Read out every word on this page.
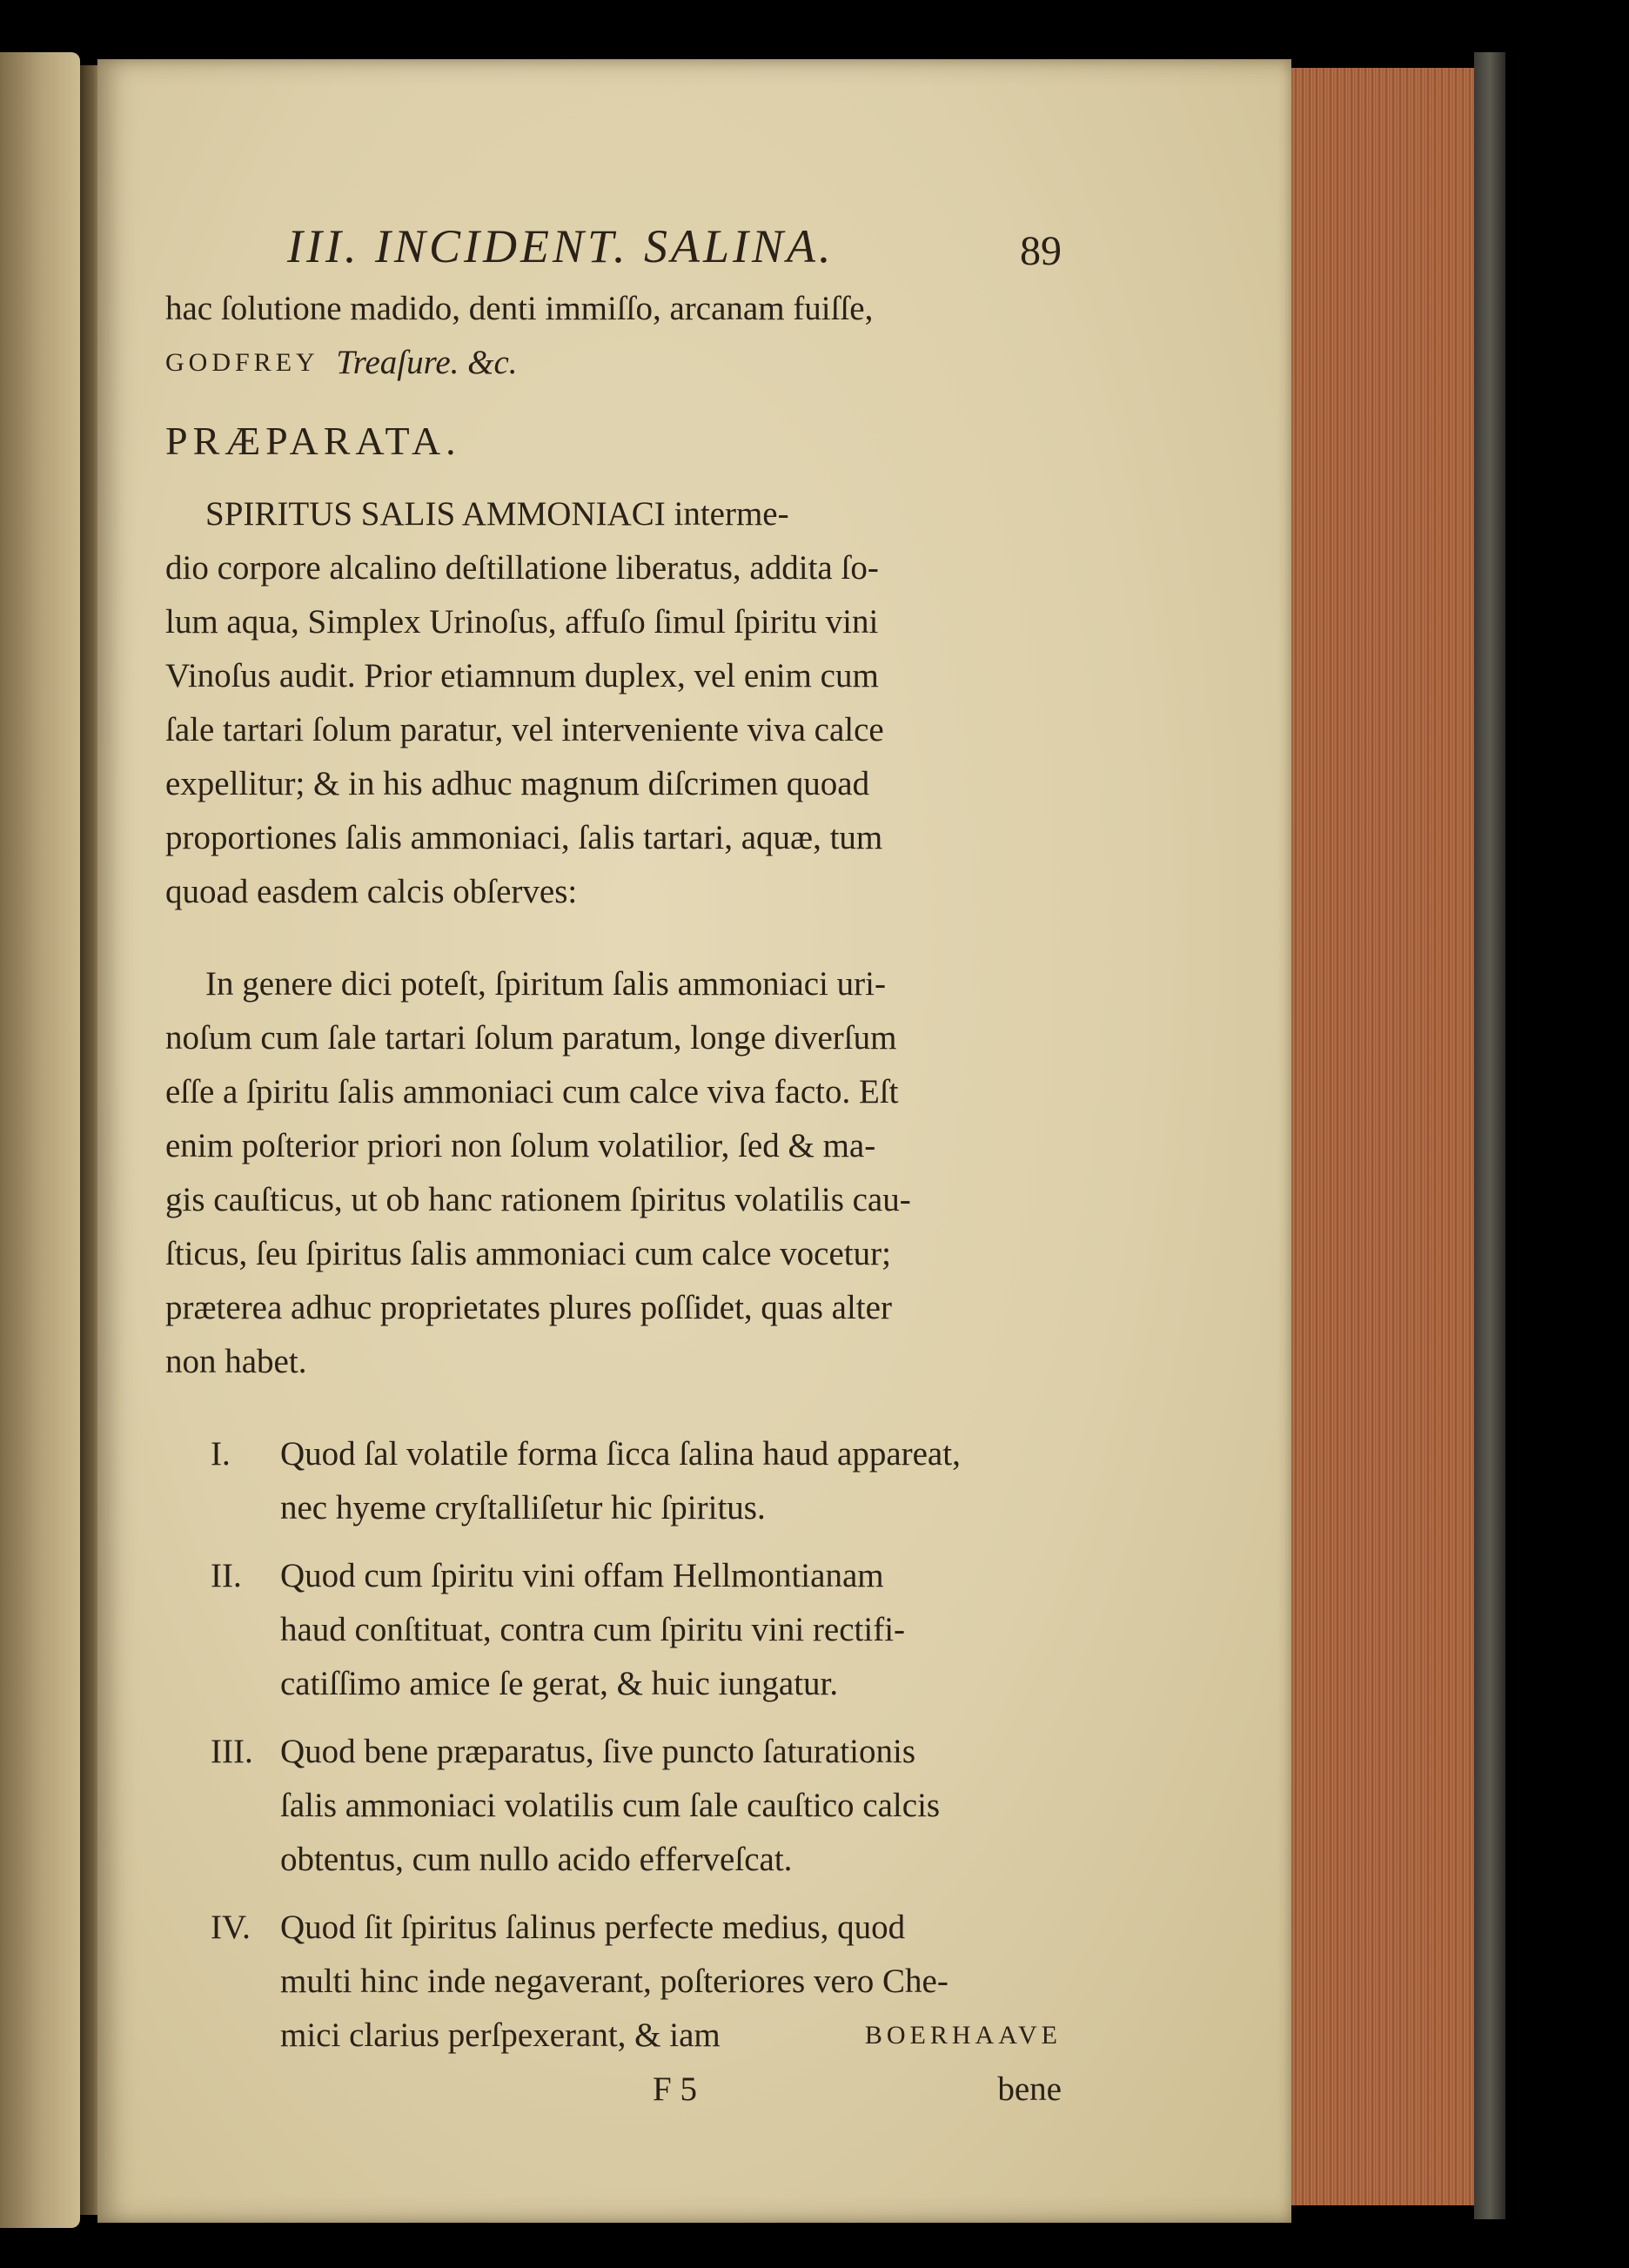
III. INCIDENT. SALINA.	89
hac ſolutione madido, denti immiſſo, arcanam fuiſſe,
GODFREY
Treaſure. &c.
PRÆPARATA.
SPIRITUS SALIS AMMONIACI interme-
dio corpore alcalino deſtillatione liberatus, addita ſo-
lum aqua, Simplex Urinoſus, affuſo ſimul ſpiritu vini
Vinoſus audit. Prior etiamnum duplex, vel enim cum
ſale tartari ſolum paratur, vel interveniente viva calce
expellitur; & in his adhuc magnum diſcrimen quoad
proportiones ſalis ammoniaci, ſalis tartari, aquæ, tum
quoad easdem calcis obſerves:
In genere dici poteſt, ſpiritum ſalis ammoniaci uri-
noſum cum ſale tartari ſolum paratum, longe diverſum
eſſe a ſpiritu ſalis ammoniaci cum calce viva facto. Eſt
enim poſterior priori non ſolum volatilior, ſed & ma-
gis cauſticus, ut ob hanc rationem ſpiritus volatilis cau-
ſticus, ſeu ſpiritus ſalis ammoniaci cum calce vocetur;
præterea adhuc proprietates plures poſſidet, quas alter
non habet.
I.	Quod ſal volatile forma ſicca ſalina haud appareat,
nec hyeme cryſtalliſetur hic ſpiritus.
II.	Quod cum ſpiritu vini offam Hellmontianam
haud conſtituat, contra cum ſpiritu vini rectifi-
catiſſimo amice ſe gerat, & huic iungatur.
III. Quod bene præparatus, ſive puncto ſaturationis
ſalis ammoniaci volatilis cum ſale cauſtico calcis
obtentus, cum nullo acido efferveſcat.
IV. Quod ſit ſpiritus ſalinus perfecte medius, quod
multi hinc inde negaverant, poſteriores vero Che-
mici clarius perſpexerant, & iam	BOERHAAVE
F 5	bene
